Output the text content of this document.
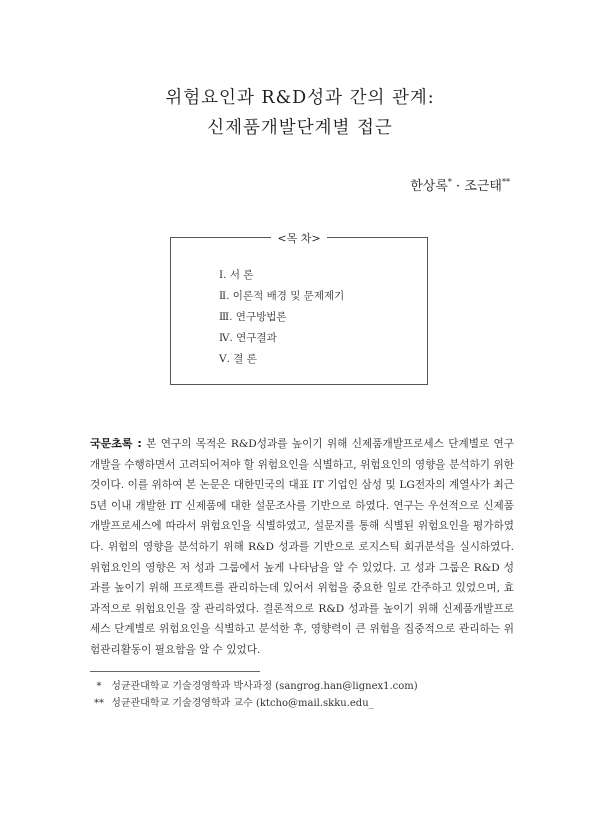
위험요인과 R&D성과 간의 관계:
신제품개발단계별 접근
한상록* · 조근태**
<목 차>
Ⅰ. 서 론
Ⅱ. 이론적 배경 및 문제제기
Ⅲ. 연구방법론
Ⅳ. 연구결과
Ⅴ. 결 론
국문초록 : 본 연구의 목적은 R&D성과를 높이기 위해 신제품개발프로세스 단계별로 연구개발을 수행하면서 고려되어져야 할 위험요인을 식별하고, 위험요인의 영향을 분석하기 위한 것이다. 이를 위하여 본 논문은 대한민국의 대표 IT 기업인 삼성 및 LG전자의 계열사가 최근 5년 이내 개발한 IT 신제품에 대한 설문조사를 기반으로 하였다. 연구는 우선적으로 신제품개발프로세스에 따라서 위험요인을 식별하였고, 설문지를 통해 식별된 위험요인을 평가하였다. 위험의 영향을 분석하기 위해 R&D 성과를 기반으로 로지스틱 회귀분석을 실시하였다. 위험요인의 영향은 저 성과 그룹에서 높게 나타남을 알 수 있었다. 고 성과 그룹은 R&D 성과를 높이기 위해 프로젝트를 관리하는데 있어서 위험을 중요한 일로 간주하고 있었으며, 효과적으로 위험요인을 잘 관리하였다. 결론적으로 R&D 성과를 높이기 위해 신제품개발프로세스 단계별로 위험요인을 식별하고 분석한 후, 영향력이 큰 위험을 집중적으로 관리하는 위험관리활동이 필요함을 알 수 있었다.
* 성균관대학교 기술경영학과 박사과정 (sangrog.han@lignex1.com)
** 성균관대학교 기술경영학과 교수 (ktcho@mail.skku.edu_
